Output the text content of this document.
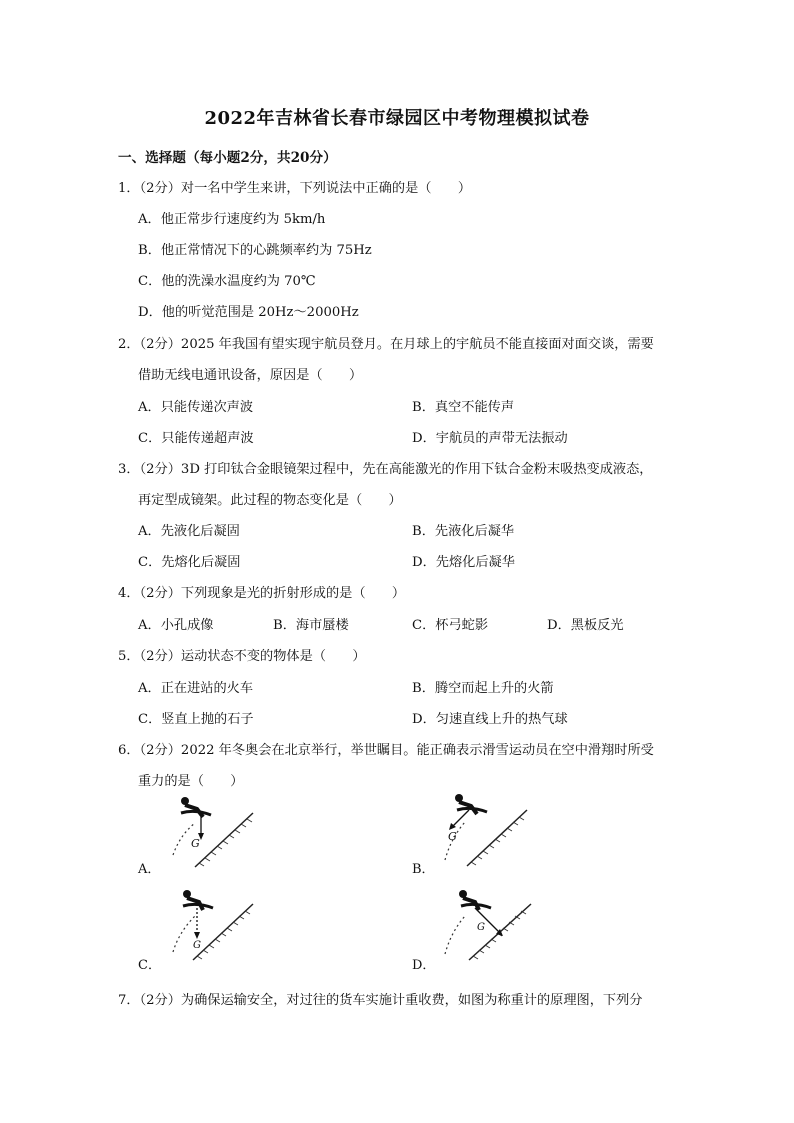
2022年吉林省长春市绿园区中考物理模拟试卷
一、选择题（每小题2分，共20分）
1．（2分）对一名中学生来讲，下列说法中正确的是（　　）
A．他正常步行速度约为 5km/h
B．他正常情况下的心跳频率约为 75Hz
C．他的洗澡水温度约为 70℃
D．他的听觉范围是 20Hz～2000Hz
2．（2分）2025 年我国有望实现宇航员登月。在月球上的宇航员不能直接面对面交谈，需要
借助无线电通讯设备，原因是（　　）
A．只能传递次声波	B．真空不能传声
C．只能传递超声波	D．宇航员的声带无法振动
3．（2分）3D 打印钛合金眼镜架过程中，先在高能激光的作用下钛合金粉末吸热变成液态，
再定型成镜架。此过程的物态变化是（　　）
A．先液化后凝固	B．先液化后凝华
C．先熔化后凝固	D．先熔化后凝华
4．（2分）下列现象是光的折射形成的是（　　）
A．小孔成像	B．海市蜃楼	C．杯弓蛇影	D．黑板反光
5．（2分）运动状态不变的物体是（　　）
A．正在进站的火车	B．腾空而起上升的火箭
C．竖直上抛的石子	D．匀速直线上升的热气球
6．（2分）2022 年冬奥会在北京举行，举世瞩目。能正确表示滑雪运动员在空中滑翔时所受
重力的是（　　）
G
A．
G
B．
G
C．
G
D．
7．（2分）为确保运输安全，对过往的货车实施计重收费，如图为称重计的原理图，下列分
